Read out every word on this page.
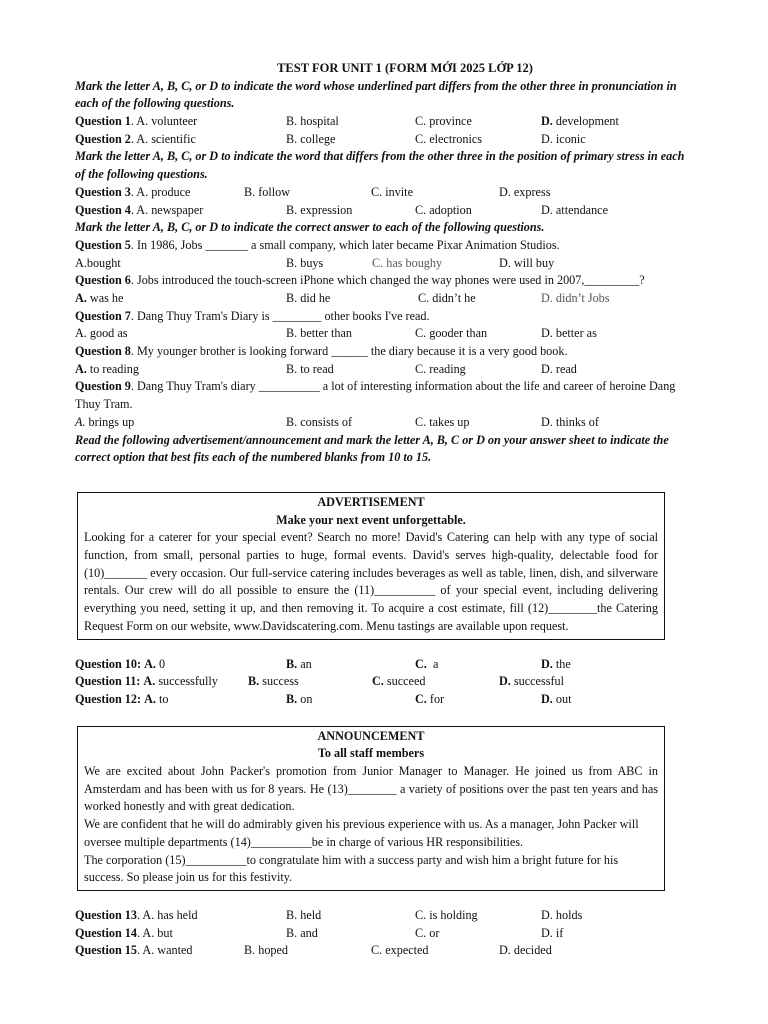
TEST FOR UNIT 1 (FORM MỚI 2025 LỚP 12)
Mark the letter A, B, C, or D to indicate the word whose underlined part differs from the other three in pronunciation in each of the following questions.
Question 1. A. volunteer	B. hospital	C. province	D. development
Question 2. A. scientific	B. college	C. electronics	D. iconic
Mark the letter A, B, C, or D to indicate the word that differs from the other three in the position of primary stress in each of the following questions.
Question 3. A. produce	B. follow	C. invite	D. express
Question 4. A. newspaper	B. expression	C. adoption	D. attendance
Mark the letter A, B, C, or D to indicate the correct answer to each of the following questions.
Question 5. In 1986, Jobs _______ a small company, which later became Pixar Animation Studios.
A.bought	B. buys	C. has boughy	D. will buy
Question 6. Jobs introduced the touch-screen iPhone which changed the way phones were used in 2007,_________?
A. was he	B. did he	C. didn’t he	D. didn’t Jobs
Question 7. Dang Thuy Tram's Diary is ________ other books I've read.
A. good as	B. better than	C. gooder than	D. better as
Question 8. My younger brother is looking forward ______ the diary because it is a very good book.
A. to reading	B. to read	C. reading	D. read
Question 9. Dang Thuy Tram's diary __________ a lot of interesting information about the life and career of heroine Dang Thuy Tram.
A. brings up	B. consists of	C. takes up	D. thinks of
Read the following advertisement/announcement and mark the letter A, B, C or D on your answer sheet to indicate the correct option that best fits each of the numbered blanks from 10 to 15.
ADVERTISEMENT
Make your next event unforgettable.
Looking for a caterer for your special event? Search no more! David's Catering can help with any type of social function, from small, personal parties to huge, formal events. David's serves high-quality, delectable food for (10)_______ every occasion. Our full-service catering includes beverages as well as table, linen, dish, and silverware rentals. Our crew will do all possible to ensure the (11)__________ of your special event, including delivering everything you need, setting it up, and then removing it. To acquire a cost estimate, fill (12)________the Catering Request Form on our website, www.Davidscatering.com. Menu tastings are available upon request.
Question 10: A. 0	B. an	C. a	D. the
Question 11: A. successfully B. success	C. succeed	D. successful
Question 12: A. to	B. on	C. for	D. out
ANNOUNCEMENT
To all staff members
We are excited about John Packer's promotion from Junior Manager to Manager. He joined us from ABC in Amsterdam and has been with us for 8 years. He (13)________ a variety of positions over the past ten years and has worked honestly and with great dedication.
We are confident that he will do admirably given his previous experience with us. As a manager, John Packer will oversee multiple departments (14)__________be in charge of various HR responsibilities.
The corporation (15)__________to congratulate him with a success party and wish him a bright future for his success. So please join us for this festivity.
Question 13. A. has held	B. held	C. is holding	D. holds
Question 14. A. but	B. and	C. or	D. if
Question 15. A. wanted	B. hoped	C. expected	D. decided
